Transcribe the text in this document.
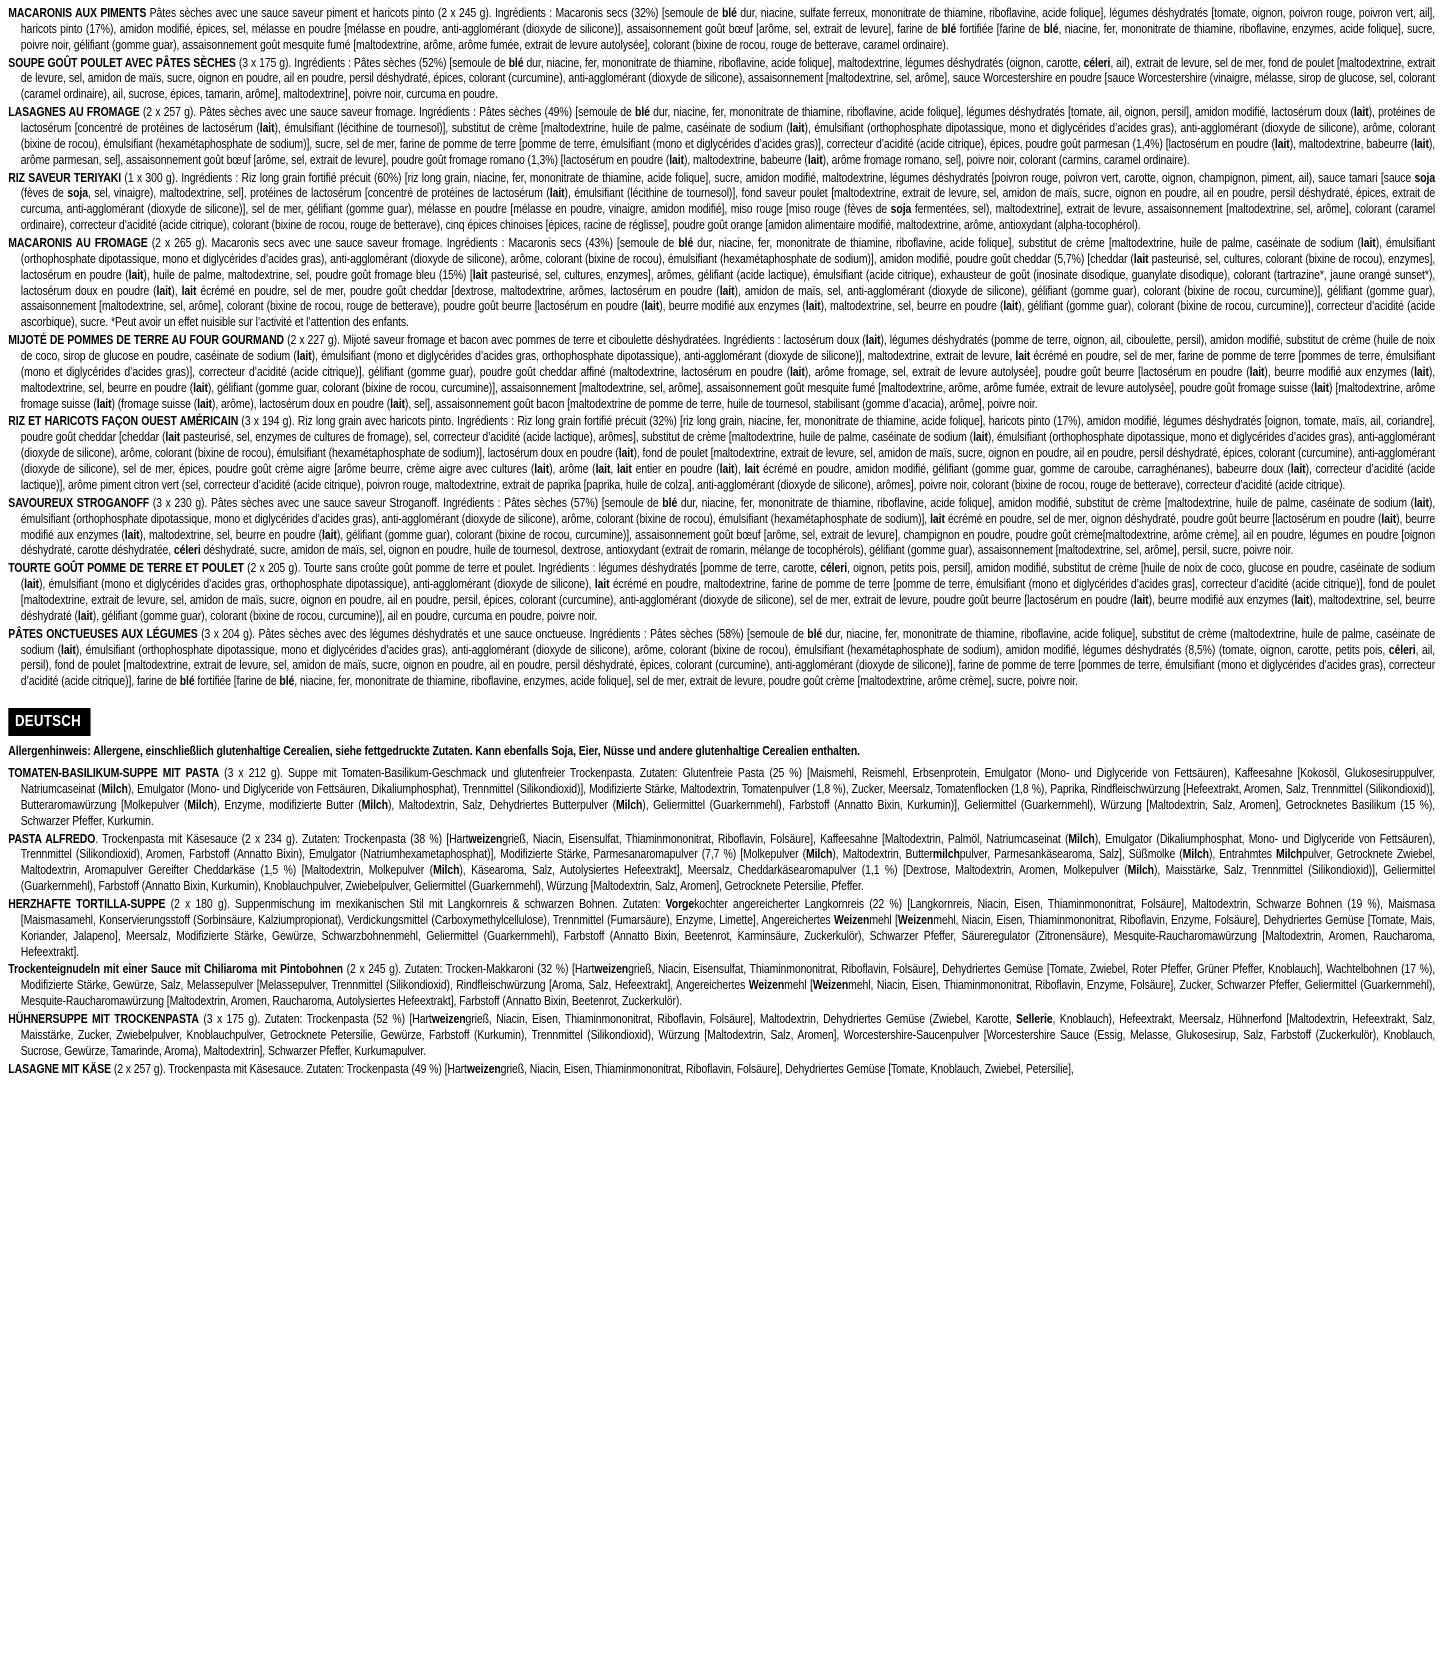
MACARONIS AUX PIMENTS Pâtes sèches avec une sauce saveur piment et haricots pinto (2 x 245 g). Ingrédients : Macaronis secs (32%) [semoule de blé dur, niacine, sulfate ferreux, mononitrate de thiamine, riboflavine, acide folique], légumes déshydratés [tomate, oignon, poivron rouge, poivron vert, ail], haricots pinto (17%), amidon modifié, épices, sel, mélasse en poudre [mélasse en poudre, anti-agglomérant (dioxyde de silicone)], assaisonnement goût bœuf [arôme, sel, extrait de levure], farine de blé fortifiée [farine de blé, niacine, fer, mononitrate de thiamine, riboflavine, enzymes, acide folique], sucre, poivre noir, gélifiant (gomme guar), assaisonnement goût mesquite fumé [maltodextrine, arôme, arôme fumée, extrait de levure autolysée], colorant (bixine de rocou, rouge de betterave, caramel ordinaire).
SOUPE GOÛT POULET AVEC PÂTES SÈCHES (3 x 175 g). Ingrédients : Pâtes sèches (52%) [semoule de blé dur, niacine, fer, mononitrate de thiamine, riboflavine, acide folique], maltodextrine, légumes déshydratés (oignon, carotte, céleri, ail), extrait de levure, sel de mer, fond de poulet [maltodextrine, extrait de levure, sel, amidon de maïs, sucre, oignon en poudre, ail en poudre, persil déshydraté, épices, colorant (curcumine), anti-agglomérant (dioxyde de silicone), assaisonnement [maltodextrine, sel, arôme], sauce Worcestershire en poudre [sauce Worcestershire (vinaigre, mélasse, sirop de glucose, sel, colorant (caramel ordinaire), ail, sucrose, épices, tamarin, arôme], maltodextrine], poivre noir, curcuma en poudre.
LASAGNES AU FROMAGE (2 x 257 g). Pâtes sèches avec une sauce saveur fromage. Ingrédients : Pâtes sèches (49%) [semoule de blé dur, niacine, fer, mononitrate de thiamine, riboflavine, acide folique], légumes déshydratés [tomate, ail, oignon, persil], amidon modifié, lactosérum doux (lait), protéines de lactosérum [concentré de protéines de lactosérum (lait), émulsifiant (lécithine de tournesol)], substitut de crème [maltodextrine, huile de palme, caséinate de sodium (lait), émulsifiant (orthophosphate dipotassique, mono et diglycérides d’acides gras), anti-agglomérant (dioxyde de silicone), arôme, colorant (bixine de rocou), émulsifiant (hexamétaphosphate de sodium)], sucre, sel de mer, farine de pomme de terre [pomme de terre, émulsifiant (mono et diglycérides d’acides gras)], correcteur d’acidité (acide citrique), épices, poudre goût parmesan (1,4%) [lactosérum en poudre (lait), maltodextrine, babeurre (lait), arôme parmesan, sel], assaisonnement goût bœuf [arôme, sel, extrait de levure], poudre goût fromage romano (1,3%) [lactosérum en poudre (lait), maltodextrine, babeurre (lait), arôme fromage romano, sel], poivre noir, colorant (carmins, caramel ordinaire).
RIZ SAVEUR TERIYAKI (1 x 300 g). Ingrédients : Riz long grain fortifié précuit (60%) [riz long grain, niacine, fer, mononitrate de thiamine, acide folique], sucre, amidon modifié, maltodextrine, légumes déshydratés [poivron rouge, poivron vert, carotte, oignon, champignon, piment, ail), sauce tamari [sauce soja (fèves de soja, sel, vinaigre), maltodextrine, sel], protéines de lactosérum [concentré de protéines de lactosérum (lait), émulsifiant (lécithine de tournesol)], fond saveur poulet [maltodextrine, extrait de levure, sel, amidon de maïs, sucre, oignon en poudre, ail en poudre, persil déshydraté, épices, extrait de curcuma, anti-agglomérant (dioxyde de silicone)], sel de mer, gélifiant (gomme guar), mélasse en poudre [mélasse en poudre, vinaigre, amidon modifié], miso rouge [miso rouge (fèves de soja fermentées, sel), maltodextrine], extrait de levure, assaisonnement [maltodextrine, sel, arôme], colorant (caramel ordinaire), correcteur d’acidité (acide citrique), colorant (bixine de rocou, rouge de betterave), cinq épices chinoises [épices, racine de réglisse], poudre goût orange [amidon alimentaire modifié, maltodextrine, arôme, antioxydant (alpha-tocophérol).
MACARONIS AU FROMAGE (2 x 265 g). Macaronis secs avec une sauce saveur fromage. Ingrédients : Macaronis secs (43%) [semoule de blé dur, niacine, fer, mononitrate de thiamine, riboflavine, acide folique], substitut de crème [maltodextrine, huile de palme, caséinate de sodium (lait), émulsifiant (orthophosphate dipotassique, mono et diglycérides d’acides gras), anti-agglomérant (dioxyde de silicone), arôme, colorant (bixine de rocou), émulsifiant (hexamétaphosphate de sodium)], amidon modifié, poudre goût cheddar (5,7%) [cheddar (lait pasteurisé, sel, cultures, colorant (bixine de rocou), enzymes], lactosérum en poudre (lait), huile de palme, maltodextrine, sel, poudre goût fromage bleu (15%) [lait pasteurisé, sel, cultures, enzymes], arômes, gélifiant (acide lactique), émulsifiant (acide citrique), exhausteur de goût (inosinate disodique, guanylate disodique), colorant (tartrazine*, jaune orangé sunset*), lactosérum doux en poudre (lait), lait écrémé en poudre, sel de mer, poudre goût cheddar [dextrose, maltodextrine, arômes, lactosérum en poudre (lait), amidon de maïs, sel, anti-agglomérant (dioxyde de silicone), gélifiant (gomme guar), colorant (bixine de rocou, curcumine)], gélifiant (gomme guar), assaisonnement [maltodextrine, sel, arôme], colorant (bixine de rocou, rouge de betterave), poudre goût beurre [lactosérum en poudre (lait), beurre modifié aux enzymes (lait), maltodextrine, sel, beurre en poudre (lait), gélifiant (gomme guar), colorant (bixine de rocou, curcumine)], correcteur d’acidité (acide ascorbique), sucre. *Peut avoir un effet nuisible sur l’activité et l’attention des enfants.
MIJOTÉ DE POMMES DE TERRE AU FOUR GOURMAND (2 x 227 g). Mijoté saveur fromage et bacon avec pommes de terre et ciboulette déshydratées. Ingrédients : lactosérum doux (lait), légumes déshydratés (pomme de terre, oignon, ail, ciboulette, persil), amidon modifié, substitut de crème (huile de noix de coco, sirop de glucose en poudre, caséinate de sodium (lait), émulsifiant (mono et diglycérides d’acides gras, orthophosphate dipotassique), anti-agglomérant (dioxyde de silicone)], maltodextrine, extrait de levure, lait écrémé en poudre, sel de mer, farine de pomme de terre [pommes de terre, émulsifiant (mono et diglycérides d’acides gras)], correcteur d’acidité (acide citrique)], gélifiant (gomme guar), poudre goût cheddar affiné (maltodextrine, lactosérum en poudre (lait), arôme fromage, sel, extrait de levure autolysée], poudre goût beurre [lactosérum en poudre (lait), beurre modifié aux enzymes (lait), maltodextrine, sel, beurre en poudre (lait), gélifiant (gomme guar, colorant (bixine de rocou, curcumine)], assaisonnement [maltodextrine, sel, arôme], assaisonnement goût mesquite fumé [maltodextrine, arôme, arôme fumée, extrait de levure autolysée], poudre goût fromage suisse (lait) [maltodextrine, arôme fromage suisse (lait) (fromage suisse (lait), arôme), lactosérum doux en poudre (lait), sel], assaisonnement goût bacon [maltodextrine de pomme de terre, huile de tournesol, stabilisant (gomme d’acacia), arôme], poivre noir.
RIZ ET HARICOTS FAÇON OUEST AMÉRICAIN (3 x 194 g). Riz long grain avec haricots pinto. Ingrédients : Riz long grain fortifié précuit (32%) [riz long grain, niacine, fer, mononitrate de thiamine, acide folique], haricots pinto (17%), amidon modifié, légumes déshydratés [oignon, tomate, maïs, ail, coriandre], poudre goût cheddar [cheddar (lait pasteurisé, sel, enzymes de cultures de fromage), sel, correcteur d’acidité (acide lactique), arômes], substitut de crème [maltodextrine, huile de palme, caséinate de sodium (lait), émulsifiant (orthophosphate dipotassique, mono et diglycérides d’acides gras), anti-agglomérant (dioxyde de silicone), arôme, colorant (bixine de rocou), émulsifiant (hexamétaphosphate de sodium)], lactosérum doux en poudre (lait), fond de poulet [maltodextrine, extrait de levure, sel, amidon de maïs, sucre, oignon en poudre, ail en poudre, persil déshydraté, épices, colorant (curcumine), anti-agglomérant (dioxyde de silicone), sel de mer, épices, poudre goût crème aigre [arôme beurre, crème aigre avec cultures (lait), arôme (lait, lait entier en poudre (lait), lait écrémé en poudre, amidon modifié, gélifiant (gomme guar, gomme de caroube, carraghénanes), babeurre doux (lait), correcteur d’acidité (acide lactique)], arôme piment citron vert (sel, correcteur d’acidité (acide citrique), poivron rouge, maltodextrine, extrait de paprika [paprika, huile de colza], anti-agglomérant (dioxyde de silicone), arômes], poivre noir, colorant (bixine de rocou, rouge de betterave), correcteur d’acidité (acide citrique).
SAVOUREUX STROGANOFF (3 x 230 g). Pâtes sèches avec une sauce saveur Stroganoff. Ingrédients : Pâtes sèches (57%) [semoule de blé dur, niacine, fer, mononitrate de thiamine, riboflavine, acide folique], amidon modifié, substitut de crème [maltodextrine, huile de palme, caséinate de sodium (lait), émulsifiant (orthophosphate dipotassique, mono et diglycérides d’acides gras), anti-agglomérant (dioxyde de silicone), arôme, colorant (bixine de rocou), émulsifiant (hexamétaphosphate de sodium)], lait écrémé en poudre, sel de mer, oignon déshydraté, poudre goût beurre [lactosérum en poudre (lait), beurre modifié aux enzymes (lait), maltodextrine, sel, beurre en poudre (lait), gélifiant (gomme guar), colorant (bixine de rocou, curcumine)], assaisonnement goût bœuf [arôme, sel, extrait de levure], champignon en poudre, poudre goût crème[maltodextrine, arôme crème], ail en poudre, légumes en poudre [oignon déshydraté, carotte déshydratée, céleri déshydraté, sucre, amidon de maïs, sel, oignon en poudre, huile de tournesol, dextrose, antioxydant (extrait de romarin, mélange de tocophérols), gélifiant (gomme guar), assaisonnement [maltodextrine, sel, arôme], persil, sucre, poivre noir.
TOURTE GOÛT POMME DE TERRE ET POULET (2 x 205 g). Tourte sans croûte goût pomme de terre et poulet. Ingrédients : légumes déshydratés [pomme de terre, carotte, céleri, oignon, petits pois, persil], amidon modifié, substitut de crème [huile de noix de coco, glucose en poudre, caséinate de sodium (lait), émulsifiant (mono et diglycérides d’acides gras, orthophosphate dipotassique), anti-agglomérant (dioxyde de silicone), lait écrémé en poudre, maltodextrine, farine de pomme de terre [pomme de terre, émulsifiant (mono et diglycérides d’acides gras], correcteur d’acidité (acide citrique)], fond de poulet [maltodextrine, extrait de levure, sel, amidon de maïs, sucre, oignon en poudre, ail en poudre, persil, épices, colorant (curcumine), anti-agglomérant (dioxyde de silicone), sel de mer, extrait de levure, poudre goût beurre [lactosérum en poudre (lait), beurre modifié aux enzymes (lait), maltodextrine, sel, beurre déshydraté (lait), gélifiant (gomme guar), colorant (bixine de rocou, curcumine)], ail en poudre, curcuma en poudre, poivre noir.
PÂTES ONCTUEUSES AUX LÉGUMES (3 x 204 g). Pâtes sèches avec des légumes déshydratés et une sauce onctueuse. Ingrédients : Pâtes sèches (58%) [semoule de blé dur, niacine, fer, mononitrate de thiamine, riboflavine, acide folique], substitut de crème (maltodextrine, huile de palme, caséinate de sodium (lait), émulsifiant (orthophosphate dipotassique, mono et diglycérides d’acides gras), anti-agglomérant (dioxyde de silicone), arôme, colorant (bixine de rocou), émulsifiant (hexamétaphosphate de sodium), amidon modifié, légumes déshydratés (8,5%) (tomate, oignon, carotte, petits pois, céleri, ail, persil), fond de poulet [maltodextrine, extrait de levure, sel, amidon de maïs, sucre, oignon en poudre, ail en poudre, persil déshydraté, épices, colorant (curcumine), anti-agglomérant (dioxyde de silicone)], farine de pomme de terre [pommes de terre, émulsifiant (mono et diglycérides d’acides gras), correcteur d’acidité (acide citrique)], farine de blé fortifiée [farine de blé, niacine, fer, mononitrate de thiamine, riboflavine, enzymes, acide folique], sel de mer, extrait de levure, poudre goût crème [maltodextrine, arôme crème], sucre, poivre noir.
DEUTSCH

Allergenhinweis: Allergene, einschließlich glutenhaltige Cerealien, siehe fettgedruckte Zutaten. Kann ebenfalls Soja, Eier, Nüsse und andere glutenhaltige Cerealien enthalten.

TOMATEN-BASILIKUM-SUPPE MIT PASTA (3 x 212 g). Suppe mit Tomaten-Basilikum-Geschmack und glutenfreier Trockenpasta. Zutaten: Glutenfreie Pasta (25 %) [Maismehl, Reismehl, Erbsenprotein, Emulgator (Mono- und Diglyceride von Fettsäuren), Kaffeesahne [Kokosöl, Glukosesiruppulver, Natriumcaseinat (Milch), Emulgator (Mono- und Diglyceride von Fettsäuren, Dikaliumphosphat), Trennmittel (Silikondioxid)], Modifizierte Stärke, Maltodextrin, Tomatenpulver (1,8 %), Zucker, Meersalz, Tomatenflocken (1,8 %), Paprika, Rindfleischwürzung [Hefeextrakt, Aromen, Salz, Trennmittel (Silikondioxid)], Butteraromawürzung [Molkepulver (Milch), Enzyme, modifizierte Butter (Milch), Maltodextrin, Salz, Dehydriertes Butterpulver (Milch), Geliermittel (Guarkernmehl), Farbstoff (Annatto Bixin, Kurkumin)], Geliermittel (Guarkernmehl), Würzung [Maltodextrin, Salz, Aromen], Getrocknetes Basilikum (15 %), Schwarzer Pfeffer, Kurkumin.
PASTA ALFREDO. Trockenpasta mit Käsesauce (2 x 234 g). Zutaten: Trockenpasta (38 %) [Hartweizengrieß, Niacin, Eisensulfat, Thiaminmononitrat, Riboflavin, Folsäure], Kaffeesahne [Maltodextrin, Palmöl, Natriumcaseinat (Milch), Emulgator (Dikaliumphosphat, Mono- und Diglyceride von Fettsäuren), Trennmittel (Silikondioxid), Aromen, Farbstoff (Annatto Bixin), Emulgator (Natriumhexametaphosphat)], Modifizierte Stärke, Parmesanaromapulver (7,7 %) [Molkepulver (Milch), Maltodextrin, Buttermilchpulver, Parmesankäsearoma, Salz], Süßmolke (Milch), Entrahmtes Milchpulver, Getrocknete Zwiebel, Maltodextrin, Aromapulver Gereifter Cheddarkäse (1,5 %) [Maltodextrin, Molkepulver (Milch), Käsearoma, Salz, Autolysiertes Hefeextrakt], Meersalz, Cheddarkäsearomapulver (1,1 %) [Dextrose, Maltodextrin, Aromen, Molkepulver (Milch), Maisstärke, Salz, Trennmittel (Silikondioxid)], Geliermittel (Guarkernmehl), Farbstoff (Annatto Bixin, Kurkumin), Knoblauchpulver, Zwiebelpulver, Geliermittel (Guarkernmehl), Würzung [Maltodextrin, Salz, Aromen], Getrocknete Petersilie, Pfeffer.
HERZHAFTE TORTILLA-SUPPE (2 x 180 g). Suppenmischung im mexikanischen Stil mit Langkornreis & schwarzen Bohnen. Zutaten: Vorgekochter angereicherter Langkornreis (22 %) [Langkornreis, Niacin, Eisen, Thiaminmononitrat, Folsäure], Maltodextrin, Schwarze Bohnen (19 %), Maismasa [Maismasamehl, Konservierungsstoff (Sorbinsäure, Kalziumpropionat), Verdickungsmittel (Carboxymethylcellulose), Trennmittel (Fumarsäure), Enzyme, Limette], Angereichertes Weizenmehl [Weizenmehl, Niacin, Eisen, Thiaminmononitrat, Riboflavin, Enzyme, Folsäure], Dehydriertes Gemüse [Tomate, Mais, Koriander, Jalapeno], Meersalz, Modifizierte Stärke, Gewürze, Schwarzbohnenmehl, Geliermittel (Guarkernmehl), Farbstoff (Annatto Bixin, Beetenrot, Karminsäure, Zuckerkulör), Schwarzer Pfeffer, Säureregulator (Zitronensäure), Mesquite-Raucharomawürzung [Maltodextrin, Aromen, Raucharoma, Hefeextrakt].
Trockenteignudeln mit einer Sauce mit Chiliaroma mit Pintobohnen (2 x 245 g). Zutaten: Trocken-Makkaroni (32 %) [Hartweizengrieß, Niacin, Eisensulfat, Thiaminmononitrat, Riboflavin, Folsäure], Dehydriertes Gemüse [Tomate, Zwiebel, Roter Pfeffer, Grüner Pfeffer, Knoblauch], Wachtelbohnen (17 %), Modifizierte Stärke, Gewürze, Salz, Melassepulver [Melassepulver, Trennmittel (Silikondioxid), Rindfleischwürzung [Aroma, Salz, Hefeextrakt], Angereichertes Weizenmehl [Weizenmehl, Niacin, Eisen, Thiaminmononitrat, Riboflavin, Enzyme, Folsäure], Zucker, Schwarzer Pfeffer, Geliermittel (Guarkernmehl), Mesquite-Raucharomawürzung [Maltodextrin, Aromen, Raucharoma, Autolysiertes Hefeextrakt], Farbstoff (Annatto Bixin, Beetenrot, Zuckerkulör).
HÜHNERSUPPE MIT TROCKENPASTA (3 x 175 g). Zutaten: Trockenpasta (52 %) [Hartweizengrieß, Niacin, Eisen, Thiaminmononitrat, Riboflavin, Folsäure], Maltodextrin, Dehydriertes Gemüse (Zwiebel, Karotte, Sellerie, Knoblauch), Hefeextrakt, Meersalz, Hühnerfond [Maltodextrin, Hefeextrakt, Salz, Maisstärke, Zucker, Zwiebelpulver, Knoblauchpulver, Getrocknete Petersilie, Gewürze, Farbstoff (Kurkumin), Trennmittel (Silikondioxid), Würzung [Maltodextrin, Salz, Aromen], Worcestershire-Saucenpulver [Worcestershire Sauce (Essig, Melasse, Glukosesirup, Salz, Farbstoff (Zuckerkulör), Knoblauch, Sucrose, Gewürze, Tamarinde, Aroma), Maltodextrin], Schwarzer Pfeffer, Kurkumapulver.
LASAGNE MIT KÄSE (2 x 257 g). Trockenpasta mit Käsesauce. Zutaten: Trockenpasta (49 %) [Hartweizengrieß, Niacin, Eisen, Thiaminmononitrat, Riboflavin, Folsäure], Dehydriertes Gemüse [Tomate, Knoblauch, Zwiebel, Petersilie],
